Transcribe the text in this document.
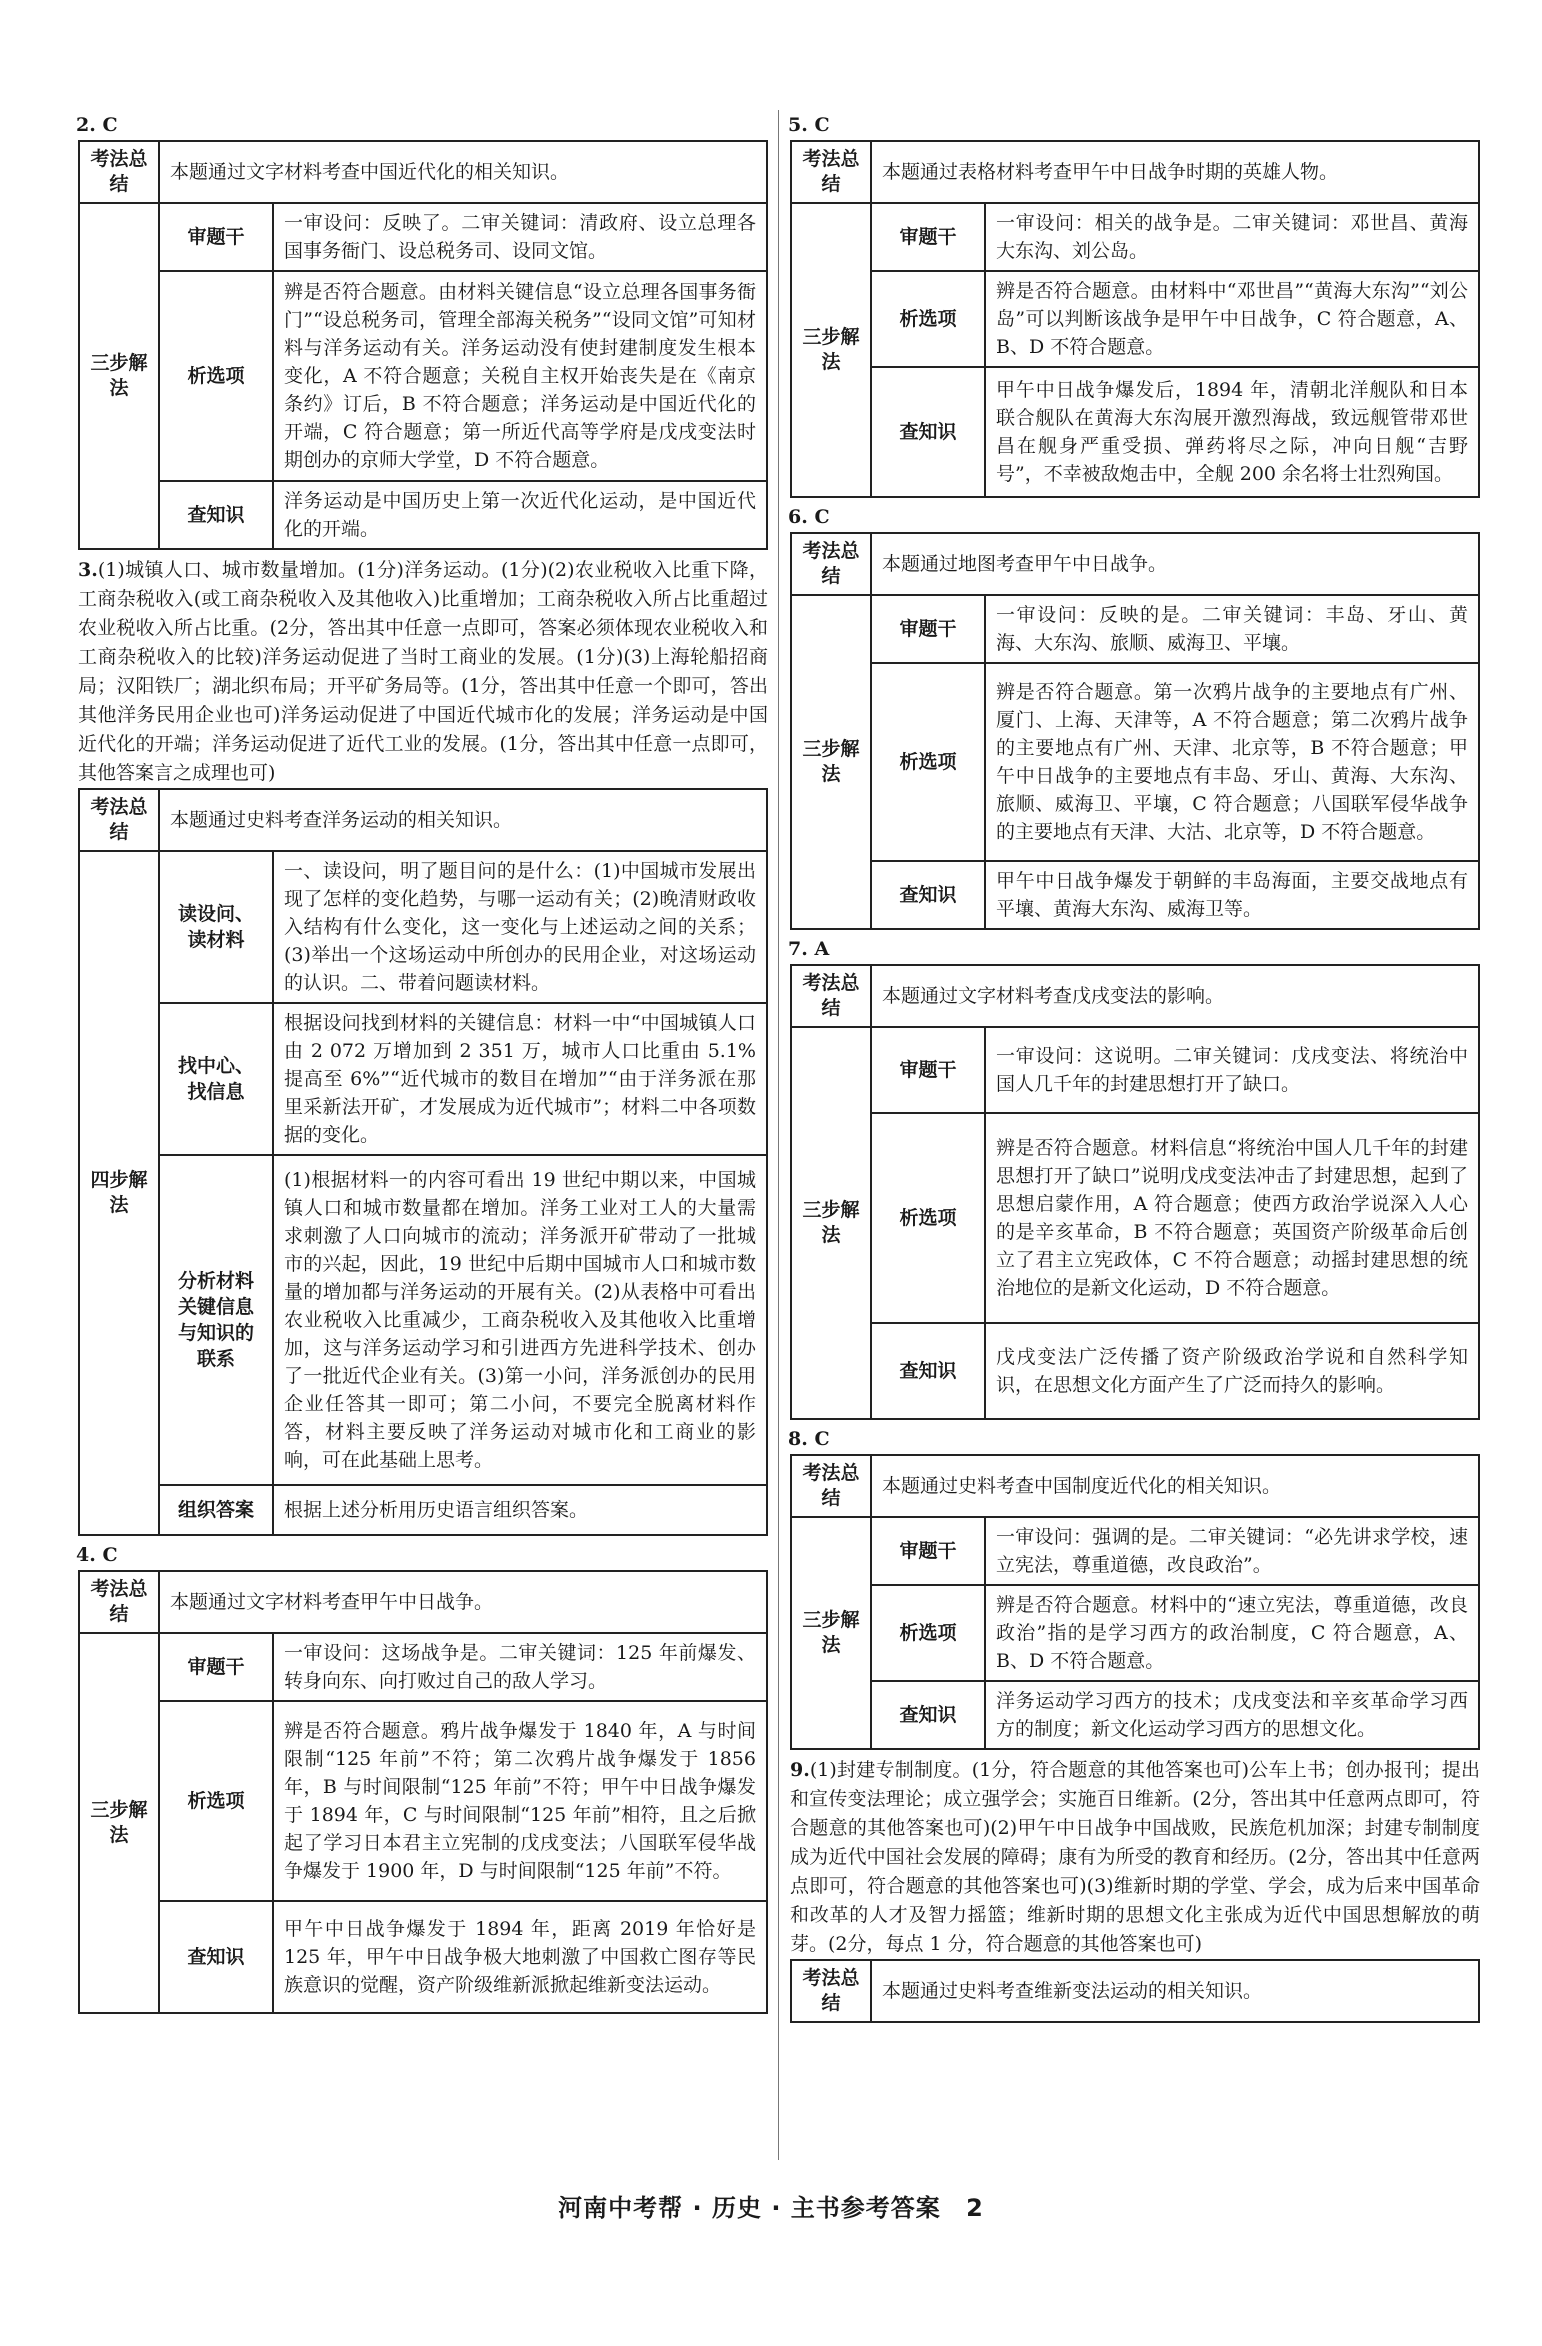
2. C
考法总结	本题通过文字材料考查中国近代化的相关知识。	
三步解法	审题干	一审设问：反映了。二审关键词：清政府、设立总理各国事务衙门、设总税务司、设同文馆。
	析选项	辨是否符合题意。由材料关键信息“设立总理各国事务衙门”“设总税务司，管理全部海关税务”“设同文馆”可知材料与洋务运动有关。洋务运动没有使封建制度发生根本变化，A 不符合题意；关税自主权开始丧失是在《南京条约》订后，B 不符合题意；洋务运动是中国近代化的开端，C 符合题意；第一所近代高等学府是戊戌变法时期创办的京师大学堂，D 不符合题意。
	查知识	洋务运动是中国历史上第一次近代化运动，是中国近代化的开端。

3.(1)城镇人口、城市数量增加。(1分)洋务运动。(1分)(2)农业税收入比重下降，工商杂税收入(或工商杂税收入及其他收入)比重增加；工商杂税收入所占比重超过农业税收入所占比重。(2分，答出其中任意一点即可，答案必须体现农业税收入和工商杂税收入的比较)洋务运动促进了当时工商业的发展。(1分)(3)上海轮船招商局；汉阳铁厂；湖北织布局；开平矿务局等。(1分，答出其中任意一个即可，答出其他洋务民用企业也可)洋务运动促进了中国近代城市化的发展；洋务运动是中国近代化的开端；洋务运动促进了近代工业的发展。(1分，答出其中任意一点即可，其他答案言之成理也可)

考法总结	本题通过史料考查洋务运动的相关知识。	
四步解法	读设问、读材料	一、读设问，明了题目问的是什么：(1)中国城市发展出现了怎样的变化趋势，与哪一运动有关；(2)晚清财政收入结构有什么变化，这一变化与上述运动之间的关系；(3)举出一个这场运动中所创办的民用企业，对这场运动的认识。二、带着问题读材料。
	找中心、找信息	根据设问找到材料的关键信息：材料一中“中国城镇人口由 2 072 万增加到 2 351 万，城市人口比重由 5.1% 提高至 6%”“近代城市的数目在增加”“由于洋务派在那里采新法开矿，才发展成为近代城市”；材料二中各项数据的变化。
	分析材料关键信息与知识的联系	(1)根据材料一的内容可看出 19 世纪中期以来，中国城镇人口和城市数量都在增加。洋务工业对工人的大量需求刺激了人口向城市的流动；洋务派开矿带动了一批城市的兴起，因此，19 世纪中后期中国城市人口和城市数量的增加都与洋务运动的开展有关。(2)从表格中可看出农业税收入比重减少，工商杂税收入及其他收入比重增加，这与洋务运动学习和引进西方先进科学技术、创办了一批近代企业有关。(3)第一小问，洋务派创办的民用企业任答其一即可；第二小问，不要完全脱离材料作答，材料主要反映了洋务运动对城市化和工商业的影响，可在此基础上思考。
	组织答案	根据上述分析用历史语言组织答案。
4. C
考法总结	本题通过文字材料考查甲午中日战争。	
三步解法	审题干	一审设问：这场战争是。二审关键词：125 年前爆发、转身向东、向打败过自己的敌人学习。
	析选项	辨是否符合题意。鸦片战争爆发于 1840 年，A 与时间限制“125 年前”不符；第二次鸦片战争爆发于 1856 年，B 与时间限制“125 年前”不符；甲午中日战争爆发于 1894 年，C 与时间限制“125 年前”相符，且之后掀起了学习日本君主立宪制的戊戌变法；八国联军侵华战争爆发于 1900 年，D 与时间限制“125 年前”不符。
	查知识	甲午中日战争爆发于 1894 年，距离 2019 年恰好是 125 年，甲午中日战争极大地刺激了中国救亡图存等民族意识的觉醒，资产阶级维新派掀起维新变法运动。
5. C
考法总结	本题通过表格材料考查甲午中日战争时期的英雄人物。	
三步解法	审题干	一审设问：相关的战争是。二审关键词：邓世昌、黄海大东沟、刘公岛。
	析选项	辨是否符合题意。由材料中“邓世昌”“黄海大东沟”“刘公岛”可以判断该战争是甲午中日战争，C 符合题意，A、B、D 不符合题意。
	查知识	甲午中日战争爆发后，1894 年，清朝北洋舰队和日本联合舰队在黄海大东沟展开激烈海战，致远舰管带邓世昌在舰身严重受损、弹药将尽之际，冲向日舰“吉野号”，不幸被敌炮击中，全舰 200 余名将士壮烈殉国。
6. C
考法总结	本题通过地图考查甲午中日战争。	
三步解法	审题干	一审设问：反映的是。二审关键词：丰岛、牙山、黄海、大东沟、旅顺、威海卫、平壤。
	析选项	辨是否符合题意。第一次鸦片战争的主要地点有广州、厦门、上海、天津等，A 不符合题意；第二次鸦片战争的主要地点有广州、天津、北京等，B 不符合题意；甲午中日战争的主要地点有丰岛、牙山、黄海、大东沟、旅顺、威海卫、平壤，C 符合题意；八国联军侵华战争的主要地点有天津、大沽、北京等，D 不符合题意。
	查知识	甲午中日战争爆发于朝鲜的丰岛海面，主要交战地点有平壤、黄海大东沟、威海卫等。
7. A
考法总结	本题通过文字材料考查戊戌变法的影响。	
三步解法	审题干	一审设问：这说明。二审关键词：戊戌变法、将统治中国人几千年的封建思想打开了缺口。
	析选项	辨是否符合题意。材料信息“将统治中国人几千年的封建思想打开了缺口”说明戊戌变法冲击了封建思想，起到了思想启蒙作用，A 符合题意；使西方政治学说深入人心的是辛亥革命，B 不符合题意；英国资产阶级革命后创立了君主立宪政体，C 不符合题意；动摇封建思想的统治地位的是新文化运动，D 不符合题意。
	查知识	戊戌变法广泛传播了资产阶级政治学说和自然科学知识，在思想文化方面产生了广泛而持久的影响。
8. C
考法总结	本题通过史料考查中国制度近代化的相关知识。	
三步解法	审题干	一审设问：强调的是。二审关键词：“必先讲求学校，速立宪法，尊重道德，改良政治”。
	析选项	辨是否符合题意。材料中的“速立宪法，尊重道德，改良政治”指的是学习西方的政治制度，C 符合题意，A、B、D 不符合题意。
	查知识	洋务运动学习西方的技术；戊戌变法和辛亥革命学习西方的制度；新文化运动学习西方的思想文化。

9.(1)封建专制制度。(1分，符合题意的其他答案也可)公车上书；创办报刊；提出和宣传变法理论；成立强学会；实施百日维新。(2分，答出其中任意两点即可，符合题意的其他答案也可)(2)甲午中日战争中国战败，民族危机加深；封建专制制度成为近代中国社会发展的障碍；康有为所受的教育和经历。(2分，答出其中任意两点即可，符合题意的其他答案也可)(3)维新时期的学堂、学会，成为后来中国革命和改革的人才及智力摇篮；维新时期的思想文化主张成为近代中国思想解放的萌芽。(2分，每点 1 分，符合题意的其他答案也可)

考法总结	本题通过史料考查维新变法运动的相关知识。
河南中考帮 · 历史 · 主书参考答案 2
